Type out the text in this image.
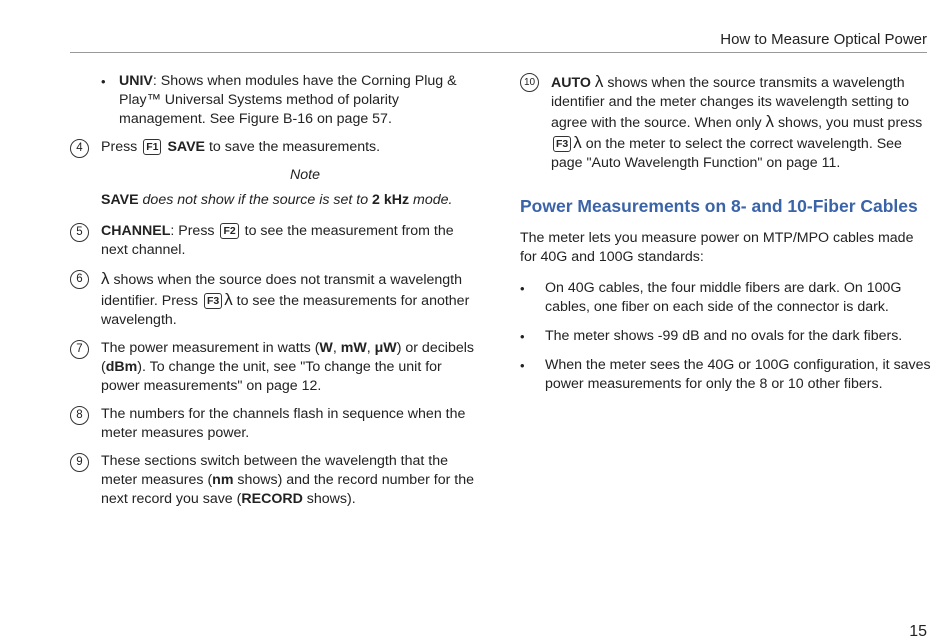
How to Measure Optical Power
• UNIV: Shows when modules have the Corning Plug & Play™ Universal Systems method of polarity management. See Figure B-16 on page 57.
4	Press F1 SAVE to save the measurements.
Note
SAVE does not show if the source is set to 2 kHz mode.
5	CHANNEL: Press F2 to see the measurement from the next channel.
6	λ shows when the source does not transmit a wavelength identifier. Press F3 λ to see the measurements for another wavelength.
7	The power measurement in watts (W, mW, μW) or decibels (dBm). To change the unit, see "To change the unit for power measurements" on page 12.
8	The numbers for the channels flash in sequence when the meter measures power.
9	These sections switch between the wavelength that the meter measures (nm shows) and the record number for the next record you save (RECORD shows).
10 AUTO λ shows when the source transmits a wavelength identifier and the meter changes its wavelength setting to agree with the source. When only λ shows, you must press F3 λ on the meter to select the correct wavelength. See page "Auto Wavelength Function" on page 11.
Power Measurements on 8- and 10-Fiber Cables
The meter lets you measure power on MTP/MPO cables made for 40G and 100G standards:
• On 40G cables, the four middle fibers are dark. On 100G cables, one fiber on each side of the connector is dark.
• The meter shows -99 dB and no ovals for the dark fibers.
• When the meter sees the 40G or 100G configuration, it saves power measurements for only the 8 or 10 other fibers.
15
